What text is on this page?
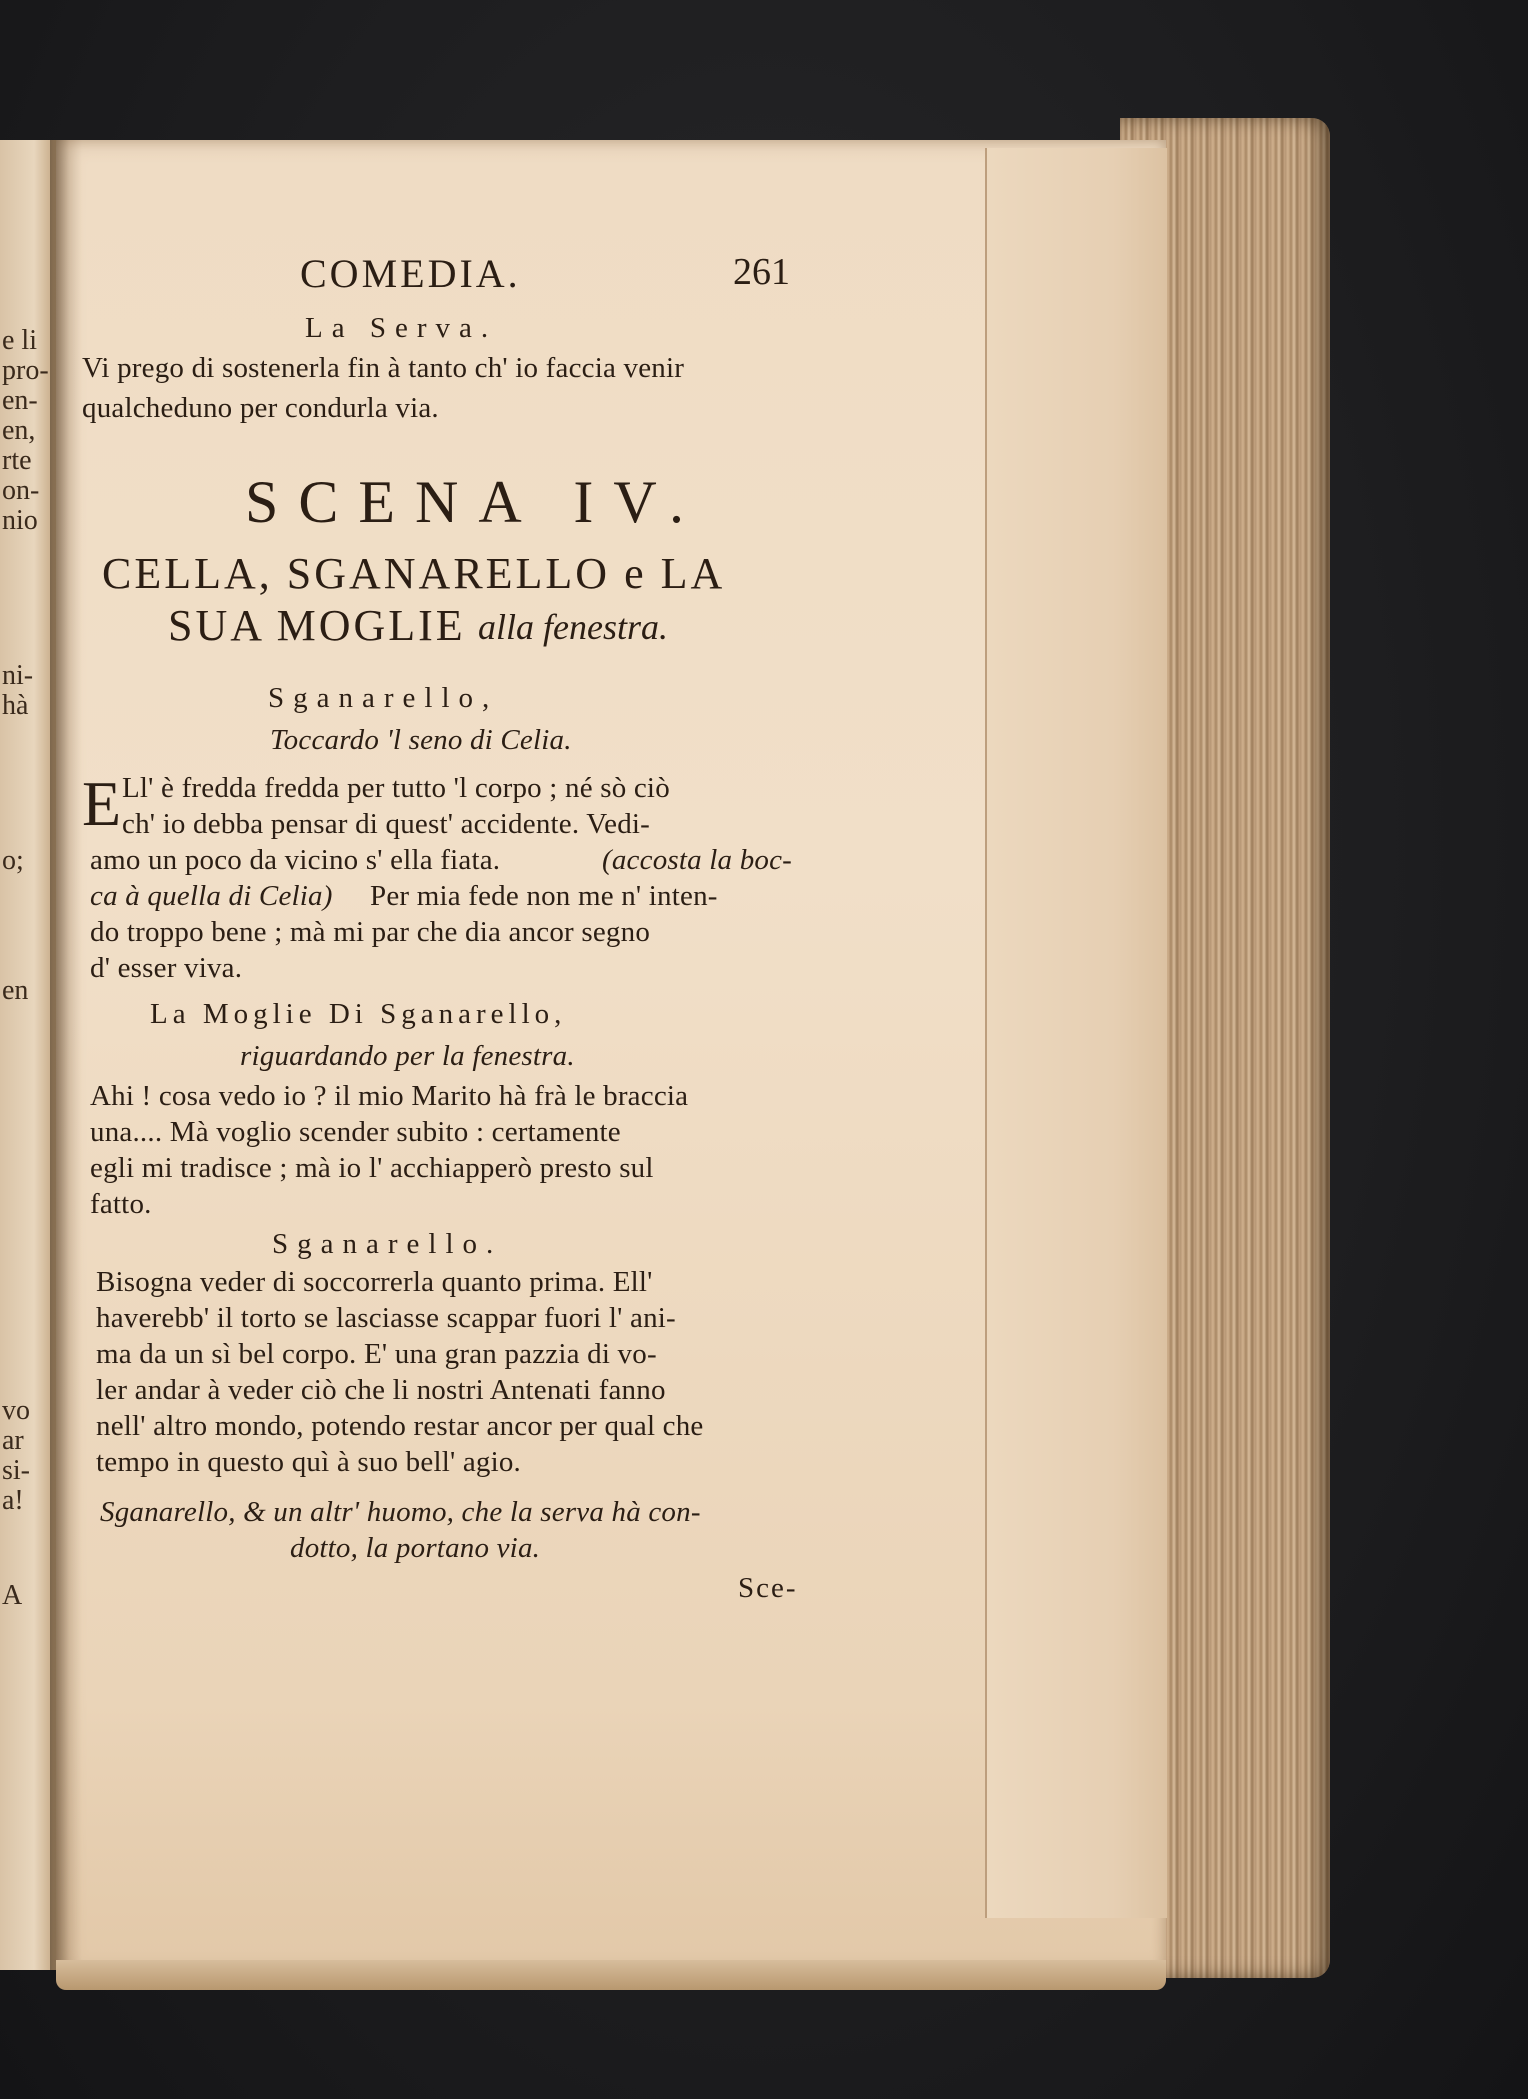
e li
pro-
en-
en,
rte
on-
nio
ni-
hà
o;
en
vo
ar
si-
a!
A
COMEDIA.	261
La Serva.
Vi prego di sostenerla fin à tanto ch' io faccia venir
qualcheduno per condurla via.
SCENA IV.
CELLA, SGANARELLO e LA
SUA MOGLIE alla fenestra.
Sganarello,
Toccardo 'l seno di Celia.
E Ll' è fredda fredda per tutto 'l corpo ; né sò ciò
ch' io debba pensar di quest' accidente. Vedi-
amo un poco da vicino s' ella fiata.	(accosta la boc-
ca à quella di Celia) Per mia fede non me n' inten-
do troppo bene ; mà mi par che dia ancor segno
d' esser viva.
La Moglie Di Sganarello,
riguardando per la fenestra.
Ahi ! cosa vedo io ? il mio Marito hà frà le braccia
una.... Mà voglio scender subito : certamente
egli mi tradisce ; mà io l' acchiapperò presto sul
fatto.
Sganarello.
Bisogna veder di soccorrerla quanto prima. Ell'
haverebb' il torto se lasciasse scappar fuori l' ani-
ma da un sì bel corpo. E' una gran pazzia di vo-
ler andar à veder ciò che li nostri Antenati fanno
nell' altro mondo, potendo restar ancor per qual che
tempo in questo quì à suo bell' agio.
Sganarello, & un altr' huomo, che la serva hà con-
dotto, la portano via.
Sce-
